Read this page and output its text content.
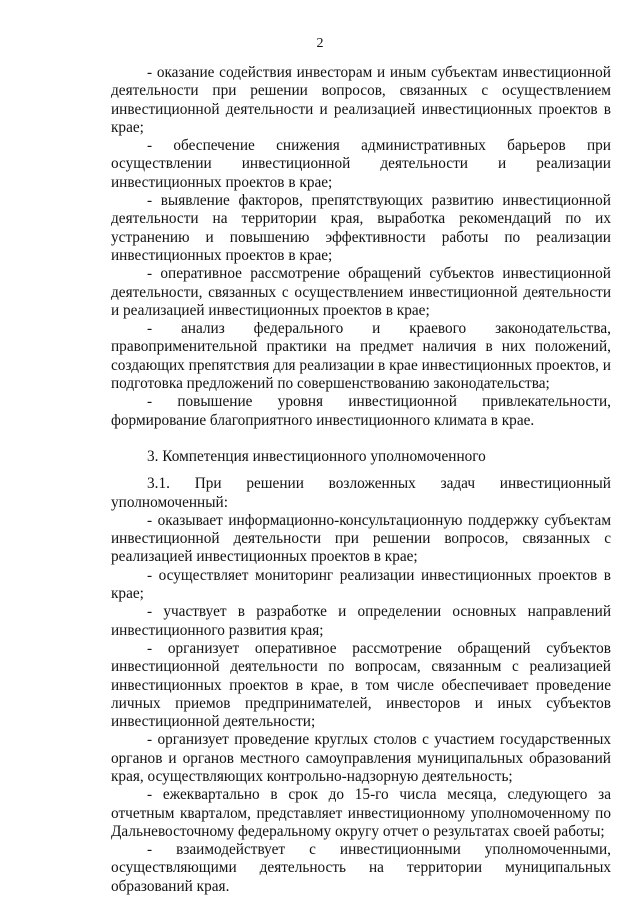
2

- оказание содействия инвесторам и иным субъектам инвестиционной деятельности при решении вопросов, связанных с осуществлением инвестиционной деятельности и реализацией инвестиционных проектов в крае;

- обеспечение снижения административных барьеров при осуществлении инвестиционной деятельности и реализации инвестиционных проектов в крае;

- выявление факторов, препятствующих развитию инвестиционной деятельности на территории края, выработка рекомендаций по их устранению и повышению эффективности работы по реализации инвестиционных проектов в крае;

- оперативное рассмотрение обращений субъектов инвестиционной деятельности, связанных с осуществлением инвестиционной деятельности и реализацией инвестиционных проектов в крае;

- анализ федерального и краевого законодательства, правоприменительной практики на предмет наличия в них положений, создающих препятствия для реализации в крае инвестиционных проектов, и подготовка предложений по совершенствованию законодательства;

- повышение уровня инвестиционной привлекательности, формирование благоприятного инвестиционного климата в крае.

3. Компетенция инвестиционного уполномоченного

3.1. При решении возложенных задач инвестиционный уполномоченный:

- оказывает информационно-консультационную поддержку субъектам инвестиционной деятельности при решении вопросов, связанных с реализацией инвестиционных проектов в крае;

- осуществляет мониторинг реализации инвестиционных проектов в крае;

- участвует в разработке и определении основных направлений инвестиционного развития края;

- организует оперативное рассмотрение обращений субъектов инвестиционной деятельности по вопросам, связанным с реализацией инвестиционных проектов в крае, в том числе обеспечивает проведение личных приемов предпринимателей, инвесторов и иных субъектов инвестиционной деятельности;

- организует проведение круглых столов с участием государственных органов и органов местного самоуправления муниципальных образований края, осуществляющих контрольно-надзорную деятельность;

- ежеквартально в срок до 15-го числа месяца, следующего за отчетным кварталом, представляет инвестиционному уполномоченному по Дальневосточному федеральному округу отчет о результатах своей работы;

- взаимодействует с инвестиционными уполномоченными, осуществляющими деятельность на территории муниципальных образований края.
